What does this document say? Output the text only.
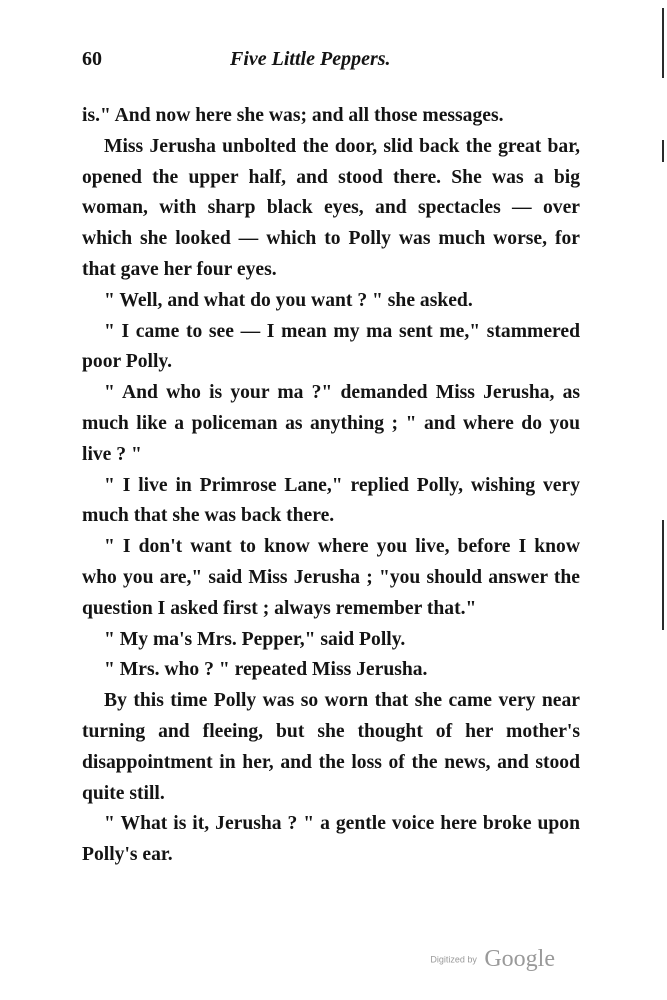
60	Five Little Peppers.

is." And now here she was; and all those messages.

Miss Jerusha unbolted the door, slid back the great bar, opened the upper half, and stood there. She was a big woman, with sharp black eyes, and spectacles — over which she looked — which to Polly was much worse, for that gave her four eyes.

" Well, and what do you want ? " she asked.

" I came to see — I mean my ma sent me," stammered poor Polly.

" And who is your ma ?" demanded Miss Jerusha, as much like a policeman as anything ; " and where do you live ? "

" I live in Primrose Lane," replied Polly, wishing very much that she was back there.

" I don't want to know where you live, before I know who you are," said Miss Jerusha ; "you should answer the question I asked first ; always remember that."

" My ma's Mrs. Pepper," said Polly.

" Mrs. who ? " repeated Miss Jerusha.

By this time Polly was so worn that she came very near turning and fleeing, but she thought of her mother's disappointment in her, and the loss of the news, and stood quite still.

" What is it, Jerusha ? " a gentle voice here broke upon Polly's ear.

Digitized by Google
